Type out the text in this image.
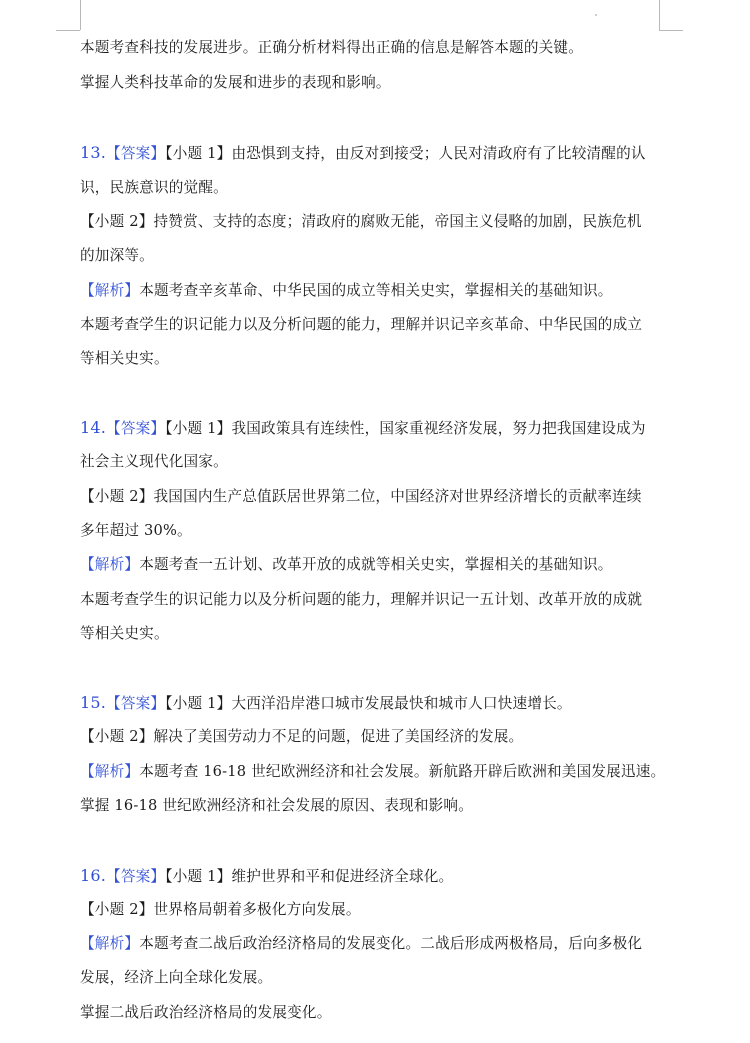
本题考查科技的发展进步。正确分析材料得出正确的信息是解答本题的关键。
掌握人类科技革命的发展和进步的表现和影响。
13.【答案】【小题 1】由恐惧到支持，由反对到接受；人民对清政府有了比较清醒的认
识，民族意识的觉醒。
【小题 2】持赞赏、支持的态度；清政府的腐败无能，帝国主义侵略的加剧，民族危机
的加深等。
【解析】本题考查辛亥革命、中华民国的成立等相关史实，掌握相关的基础知识。
本题考查学生的识记能力以及分析问题的能力，理解并识记辛亥革命、中华民国的成立
等相关史实。
14.【答案】【小题 1】我国政策具有连续性，国家重视经济发展，努力把我国建设成为
社会主义现代化国家。
【小题 2】我国国内生产总值跃居世界第二位，中国经济对世界经济增长的贡献率连续
多年超过 30%。
【解析】本题考查一五计划、改革开放的成就等相关史实，掌握相关的基础知识。
本题考查学生的识记能力以及分析问题的能力，理解并识记一五计划、改革开放的成就
等相关史实。
15.【答案】【小题 1】大西洋沿岸港口城市发展最快和城市人口快速增长。
【小题 2】解决了美国劳动力不足的问题，促进了美国经济的发展。
【解析】本题考查 16-18 世纪欧洲经济和社会发展。新航路开辟后欧洲和美国发展迅速。
掌握 16-18 世纪欧洲经济和社会发展的原因、表现和影响。
16.【答案】【小题 1】维护世界和平和促进经济全球化。
【小题 2】世界格局朝着多极化方向发展。
【解析】本题考查二战后政治经济格局的发展变化。二战后形成两极格局，后向多极化
发展，经济上向全球化发展。
掌握二战后政治经济格局的发展变化。
